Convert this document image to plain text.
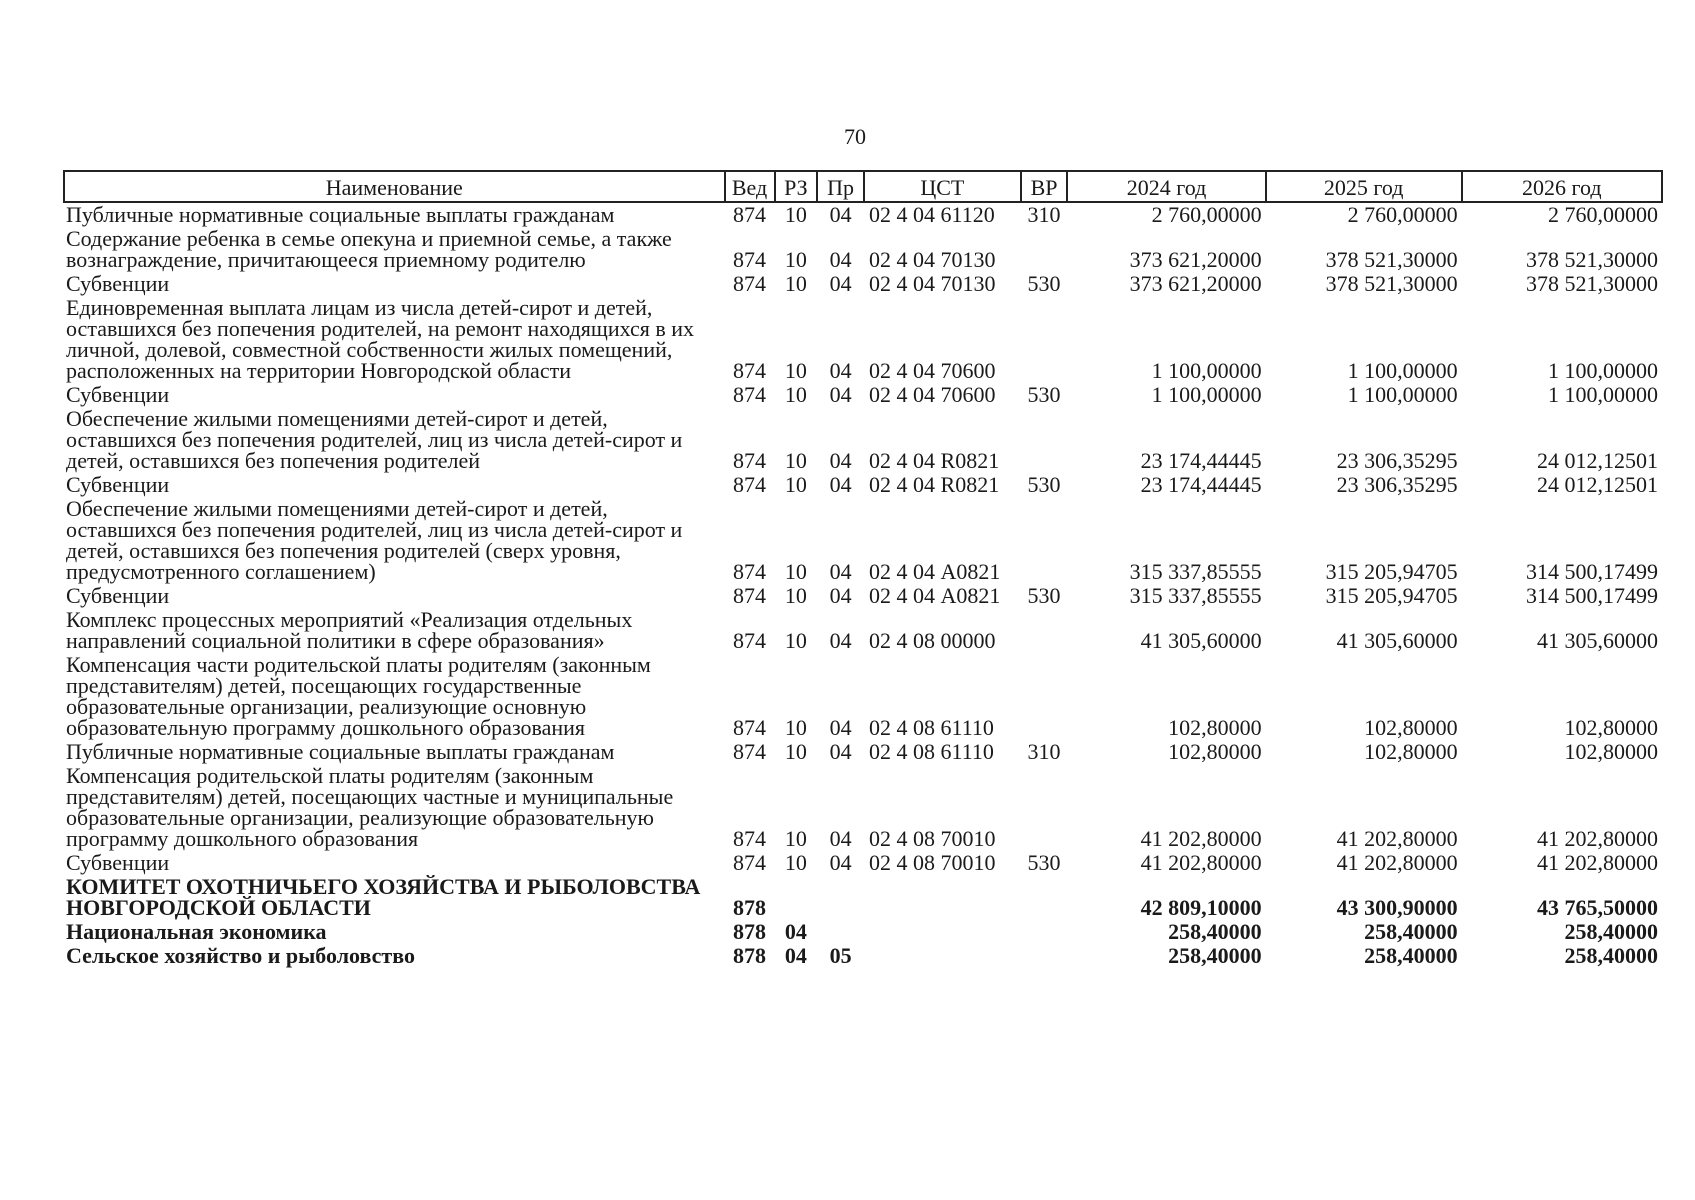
70
Наименование	Вед	РЗ	Пр	ЦСТ	ВР	2024 год	2025 год	2026 год
Публичные нормативные социальные выплаты гражданам	874	10	04	02 4 04 61120	310	2 760,00000	2 760,00000	2 760,00000
Содержание ребенка в семье опекуна и приемной семье, а также вознаграждение, причитающееся приемному родителю	874	10	04	02 4 04 70130		373 621,20000	378 521,30000	378 521,30000
Субвенции	874	10	04	02 4 04 70130	530	373 621,20000	378 521,30000	378 521,30000
Единовременная выплата лицам из числа детей-сирот и детей, оставшихся без попечения родителей, на ремонт находящихся в их личной, долевой, совместной собственности жилых помещений, расположенных на территории Новгородской области	874	10	04	02 4 04 70600		1 100,00000	1 100,00000	1 100,00000
Субвенции	874	10	04	02 4 04 70600	530	1 100,00000	1 100,00000	1 100,00000
Обеспечение жилыми помещениями детей-сирот и детей, оставшихся без попечения родителей, лиц из числа детей-сирот и детей, оставшихся без попечения родителей	874	10	04	02 4 04 R0821		23 174,44445	23 306,35295	24 012,12501
Субвенции	874	10	04	02 4 04 R0821	530	23 174,44445	23 306,35295	24 012,12501
Обеспечение жилыми помещениями детей-сирот и детей, оставшихся без попечения родителей, лиц из числа детей-сирот и детей, оставшихся без попечения родителей (сверх уровня, предусмотренного соглашением)	874	10	04	02 4 04 А0821		315 337,85555	315 205,94705	314 500,17499
Субвенции	874	10	04	02 4 04 А0821	530	315 337,85555	315 205,94705	314 500,17499
Комплекс процессных мероприятий «Реализация отдельных направлений социальной политики в сфере образования»	874	10	04	02 4 08 00000		41 305,60000	41 305,60000	41 305,60000
Компенсация части родительской платы родителям (законным представителям) детей, посещающих государственные образовательные организации, реализующие основную образовательную программу дошкольного образования	874	10	04	02 4 08 61110		102,80000	102,80000	102,80000
Публичные нормативные социальные выплаты гражданам	874	10	04	02 4 08 61110	310	102,80000	102,80000	102,80000
Компенсация родительской платы родителям (законным представителям) детей, посещающих частные и муниципальные образовательные организации, реализующие образовательную программу дошкольного образования	874	10	04	02 4 08 70010		41 202,80000	41 202,80000	41 202,80000
Субвенции	874	10	04	02 4 08 70010	530	41 202,80000	41 202,80000	41 202,80000
КОМИТЕТ ОХОТНИЧЬЕГО ХОЗЯЙСТВА И РЫБОЛОВСТВА НОВГОРОДСКОЙ ОБЛАСТИ	878					42 809,10000	43 300,90000	43 765,50000
Национальная экономика	878	04				258,40000	258,40000	258,40000
Сельское хозяйство и рыболовство	878	04	05			258,40000	258,40000	258,40000
